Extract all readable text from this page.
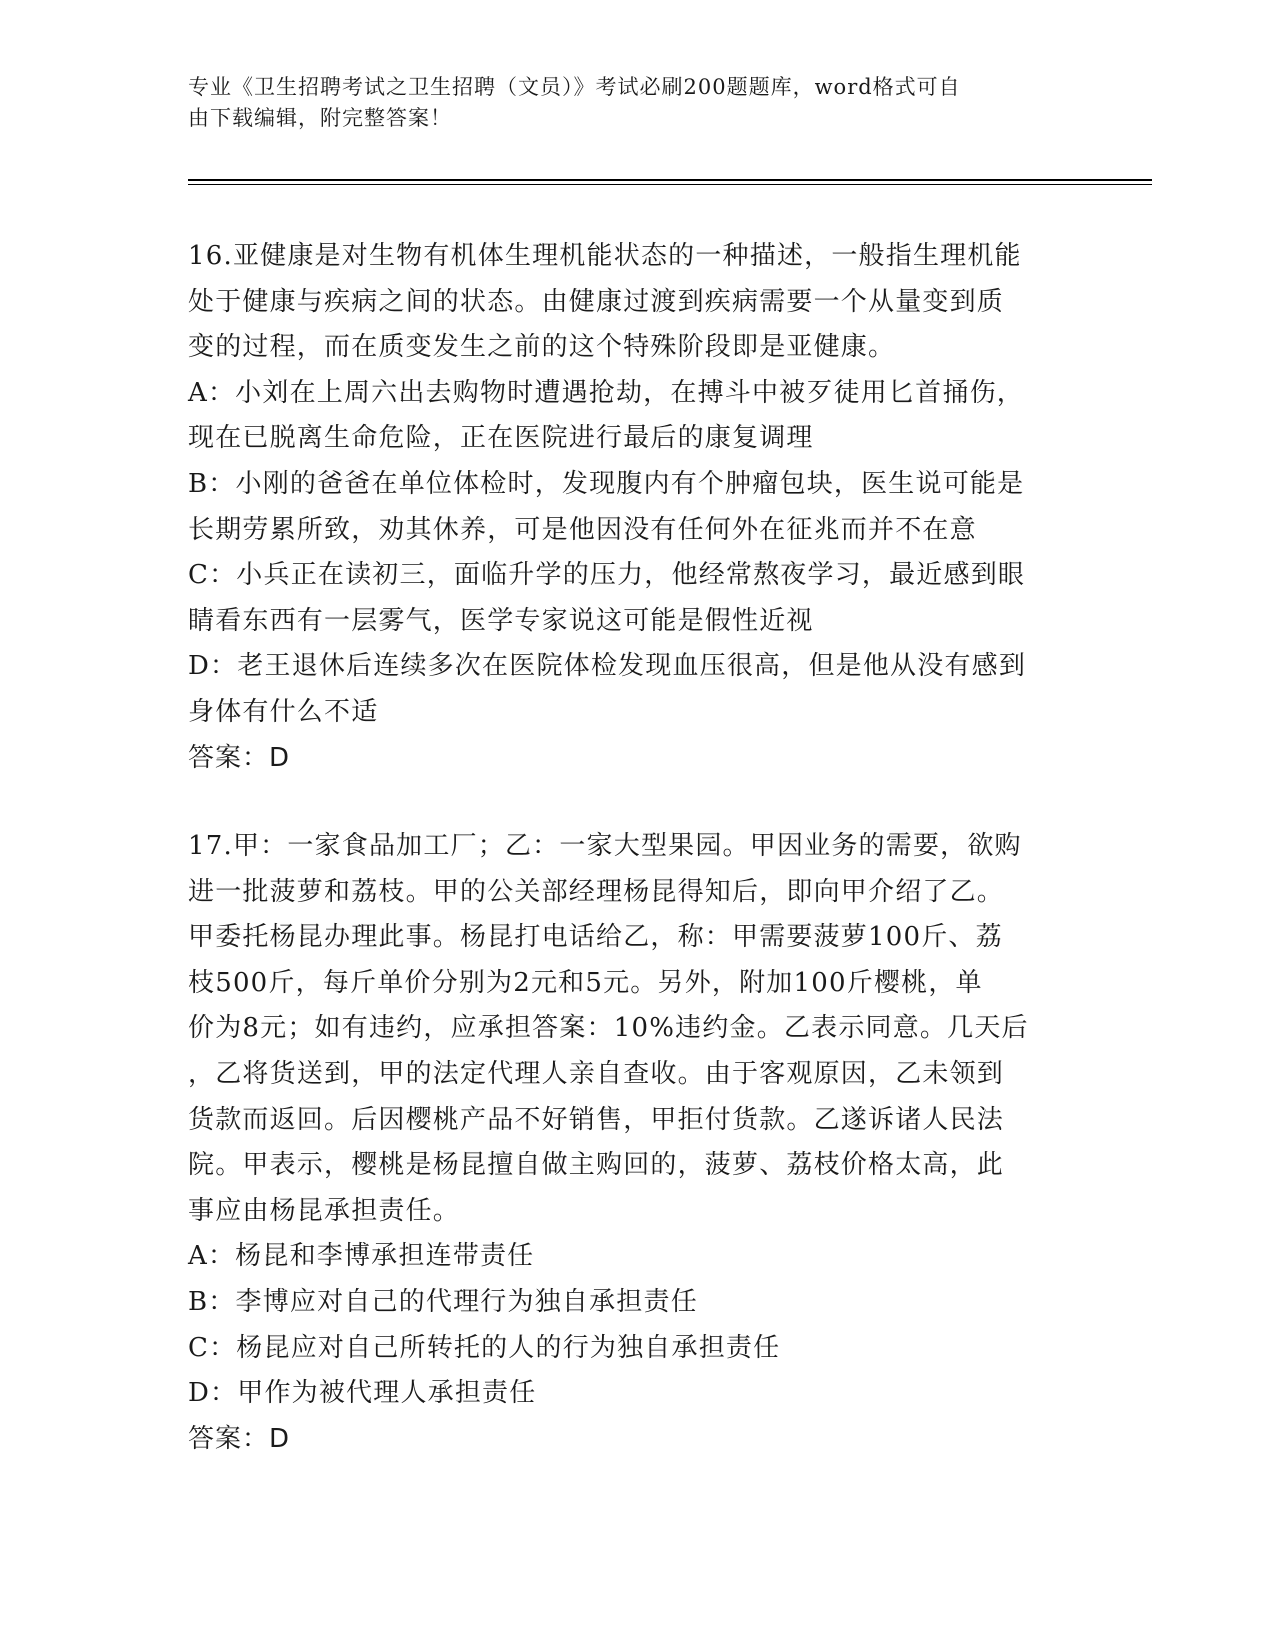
专业《卫生招聘考试之卫生招聘（文员）》考试必刷200题题库，word格式可自
由下载编辑，附完整答案！
16.亚健康是对生物有机体生理机能状态的一种描述，一般指生理机能
处于健康与疾病之间的状态。由健康过渡到疾病需要一个从量变到质
变的过程，而在质变发生之前的这个特殊阶段即是亚健康。
A：小刘在上周六出去购物时遭遇抢劫，在搏斗中被歹徒用匕首捅伤，
现在已脱离生命危险，正在医院进行最后的康复调理
B：小刚的爸爸在单位体检时，发现腹内有个肿瘤包块，医生说可能是
长期劳累所致，劝其休养，可是他因没有任何外在征兆而并不在意
C：小兵正在读初三，面临升学的压力，他经常熬夜学习，最近感到眼
睛看东西有一层雾气，医学专家说这可能是假性近视
D：老王退休后连续多次在医院体检发现血压很高，但是他从没有感到
身体有什么不适
答案：D
17.甲：一家食品加工厂；乙：一家大型果园。甲因业务的需要，欲购
进一批菠萝和荔枝。甲的公关部经理杨昆得知后，即向甲介绍了乙。
甲委托杨昆办理此事。杨昆打电话给乙，称：甲需要菠萝100斤、荔
枝500斤，每斤单价分别为2元和5元。另外，附加100斤樱桃，单
价为8元；如有违约，应承担答案：10%违约金。乙表示同意。几天后
，乙将货送到，甲的法定代理人亲自查收。由于客观原因，乙未领到
货款而返回。后因樱桃产品不好销售，甲拒付货款。乙遂诉诸人民法
院。甲表示，樱桃是杨昆擅自做主购回的，菠萝、荔枝价格太高，此
事应由杨昆承担责任。
A：杨昆和李博承担连带责任
B：李博应对自己的代理行为独自承担责任
C：杨昆应对自己所转托的人的行为独自承担责任
D：甲作为被代理人承担责任
答案：D
